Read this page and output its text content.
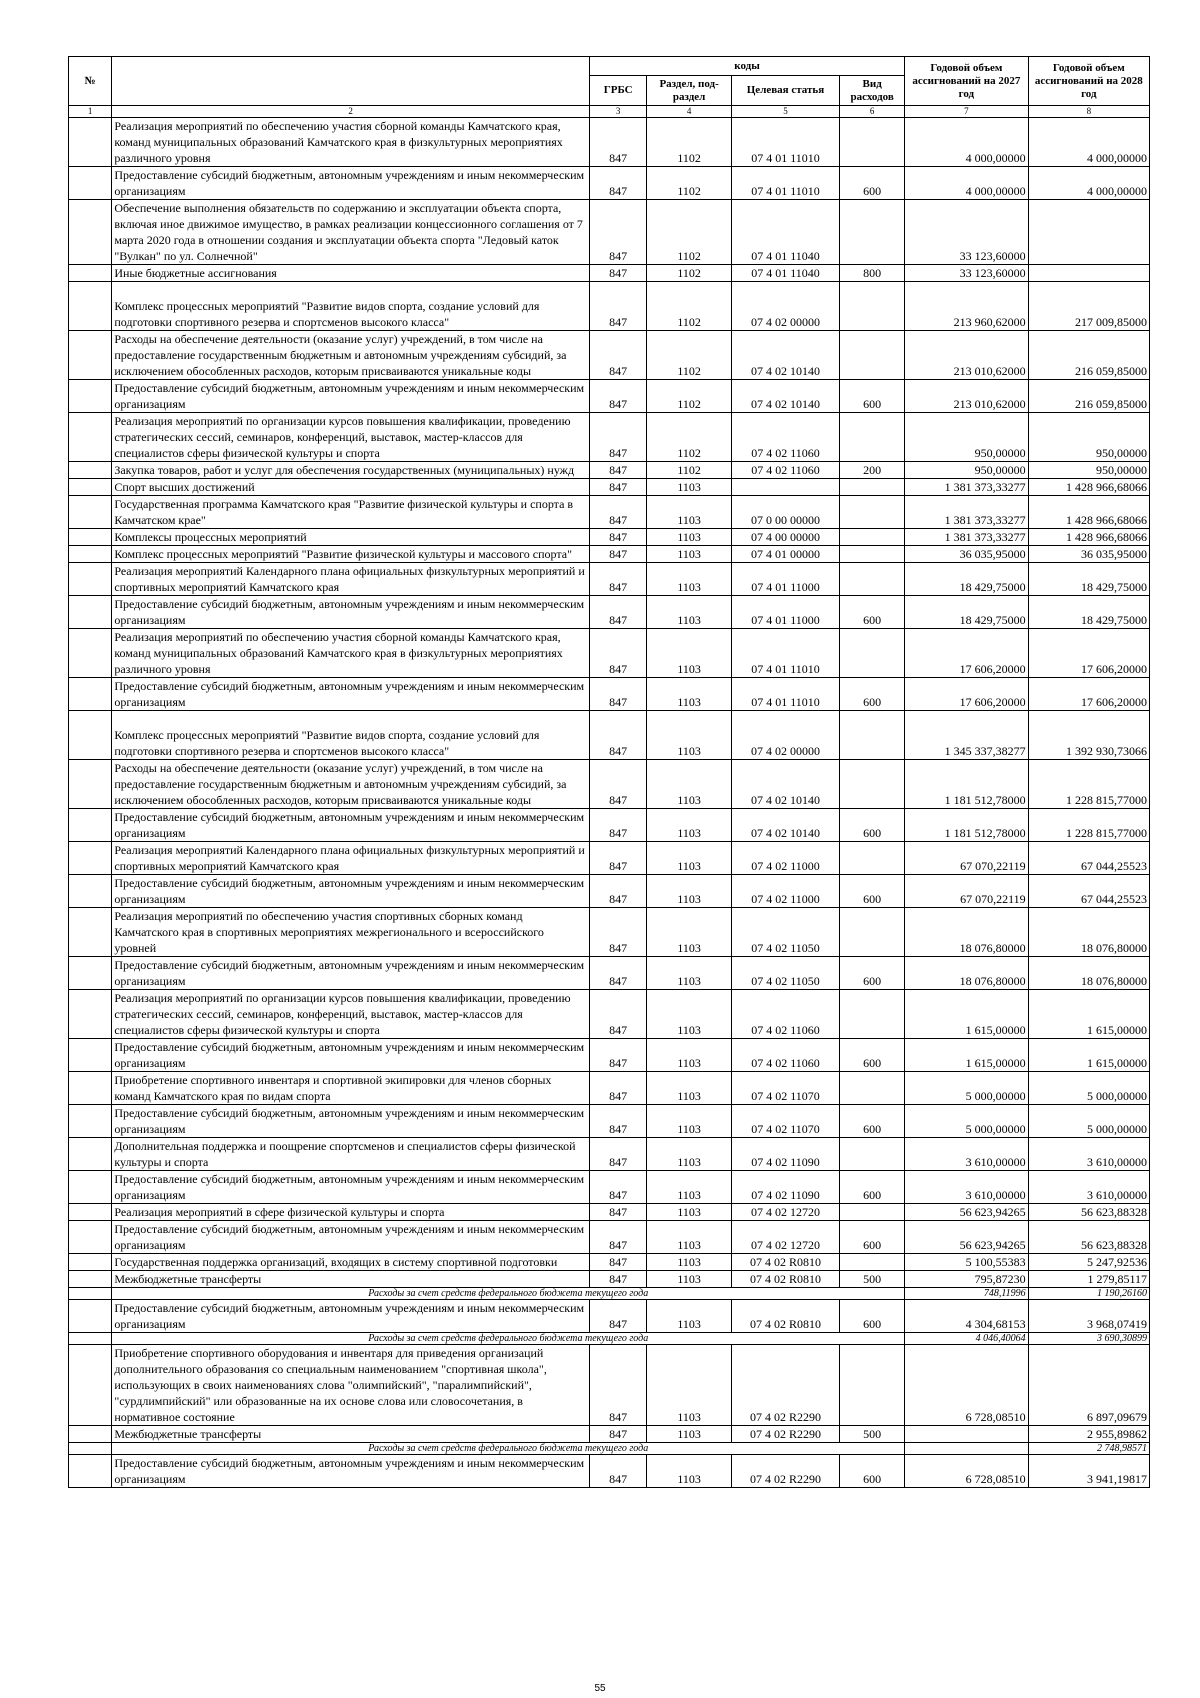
№		коды				Годовой объем ассигнований на 2027 год	Годовой объем ассигнований на 2028 год
		ГРБС	Раздел, под-раздел	Целевая статья	Вид расходов		
1	2	3	4	5	6	7	8
	Реализация мероприятий по обеспечению участия сборной команды Камчатского края, команд муниципальных образований Камчатского края в физкультурных мероприятиях различного уровня	847	1102	07 4 01 11010		4 000,00000	4 000,00000
	Предоставление субсидий бюджетным, автономным учреждениям и иным некоммерческим организациям	847	1102	07 4 01 11010	600	4 000,00000	4 000,00000
	Обеспечение выполнения обязательств по содержанию и эксплуатации объекта спорта, включая иное движимое имущество, в рамках реализации концессионного соглашения от 7 марта 2020 года в отношении создания и эксплуатации объекта спорта "Ледовый каток "Вулкан" по ул. Солнечной"	847	1102	07 4 01 11040		33 123,60000	
	Иные бюджетные ассигнования	847	1102	07 4 01 11040	800	33 123,60000	
	Комплекс процессных мероприятий "Развитие видов спорта, создание условий для подготовки спортивного резерва и спортсменов высокого класса"	847	1102	07 4 02 00000		213 960,62000	217 009,85000
	Расходы на обеспечение деятельности (оказание услуг) учреждений, в том числе на предоставление государственным бюджетным и автономным учреждениям субсидий, за исключением обособленных расходов, которым присваиваются уникальные коды	847	1102	07 4 02 10140		213 010,62000	216 059,85000
	Предоставление субсидий бюджетным, автономным учреждениям и иным некоммерческим организациям	847	1102	07 4 02 10140	600	213 010,62000	216 059,85000
	Реализация мероприятий по организации курсов повышения квалификации, проведению стратегических сессий, семинаров, конференций, выставок, мастер-классов для специалистов сферы физической культуры и спорта	847	1102	07 4 02 11060		950,00000	950,00000
	Закупка товаров, работ и услуг для обеспечения государственных (муниципальных) нужд	847	1102	07 4 02 11060	200	950,00000	950,00000
	Спорт высших достижений	847	1103			1 381 373,33277	1 428 966,68066
	Государственная программа Камчатского края "Развитие физической культуры и спорта в Камчатском крае"	847	1103	07 0 00 00000		1 381 373,33277	1 428 966,68066
	Комплексы процессных мероприятий	847	1103	07 4 00 00000		1 381 373,33277	1 428 966,68066
	Комплекс процессных мероприятий "Развитие физической культуры и массового спорта"	847	1103	07 4 01 00000		36 035,95000	36 035,95000
	Реализация мероприятий Календарного плана официальных физкультурных мероприятий и спортивных мероприятий Камчатского края	847	1103	07 4 01 11000		18 429,75000	18 429,75000
	Предоставление субсидий бюджетным, автономным учреждениям и иным некоммерческим организациям	847	1103	07 4 01 11000	600	18 429,75000	18 429,75000
	Реализация мероприятий по обеспечению участия сборной команды Камчатского края, команд муниципальных образований Камчатского края в физкультурных мероприятиях различного уровня	847	1103	07 4 01 11010		17 606,20000	17 606,20000
	Предоставление субсидий бюджетным, автономным учреждениям и иным некоммерческим организациям	847	1103	07 4 01 11010	600	17 606,20000	17 606,20000
	Комплекс процессных мероприятий "Развитие видов спорта, создание условий для подготовки спортивного резерва и спортсменов высокого класса"	847	1103	07 4 02 00000		1 345 337,38277	1 392 930,73066
	Расходы на обеспечение деятельности (оказание услуг) учреждений, в том числе на предоставление государственным бюджетным и автономным учреждениям субсидий, за исключением обособленных расходов, которым присваиваются уникальные коды	847	1103	07 4 02 10140		1 181 512,78000	1 228 815,77000
	Предоставление субсидий бюджетным, автономным учреждениям и иным некоммерческим организациям	847	1103	07 4 02 10140	600	1 181 512,78000	1 228 815,77000
	Реализация мероприятий Календарного плана официальных физкультурных мероприятий и спортивных мероприятий Камчатского края	847	1103	07 4 02 11000		67 070,22119	67 044,25523
	Предоставление субсидий бюджетным, автономным учреждениям и иным некоммерческим организациям	847	1103	07 4 02 11000	600	67 070,22119	67 044,25523
	Реализация мероприятий по обеспечению участия спортивных сборных команд Камчатского края в спортивных мероприятиях межрегионального и всероссийского уровней	847	1103	07 4 02 11050		18 076,80000	18 076,80000
	Предоставление субсидий бюджетным, автономным учреждениям и иным некоммерческим организациям	847	1103	07 4 02 11050	600	18 076,80000	18 076,80000
	Реализация мероприятий по организации курсов повышения квалификации, проведению стратегических сессий, семинаров, конференций, выставок, мастер-классов для специалистов сферы физической культуры и спорта	847	1103	07 4 02 11060		1 615,00000	1 615,00000
	Предоставление субсидий бюджетным, автономным учреждениям и иным некоммерческим организациям	847	1103	07 4 02 11060	600	1 615,00000	1 615,00000
	Приобретение спортивного инвентаря и спортивной экипировки для членов сборных команд Камчатского края по видам спорта	847	1103	07 4 02 11070		5 000,00000	5 000,00000
	Предоставление субсидий бюджетным, автономным учреждениям и иным некоммерческим организациям	847	1103	07 4 02 11070	600	5 000,00000	5 000,00000
	Дополнительная поддержка и поощрение спортсменов и специалистов сферы физической культуры и спорта	847	1103	07 4 02 11090		3 610,00000	3 610,00000
	Предоставление субсидий бюджетным, автономным учреждениям и иным некоммерческим организациям	847	1103	07 4 02 11090	600	3 610,00000	3 610,00000
	Реализация мероприятий в сфере физической культуры и спорта	847	1103	07 4 02 12720		56 623,94265	56 623,88328
	Предоставление субсидий бюджетным, автономным учреждениям и иным некоммерческим организациям	847	1103	07 4 02 12720	600	56 623,94265	56 623,88328
	Государственная поддержка организаций, входящих в систему спортивной подготовки	847	1103	07 4 02 R0810		5 100,55383	5 247,92536
	Межбюджетные трансферты	847	1103	07 4 02 R0810	500	795,87230	1 279,85117
	Расходы за счет средств федерального бюджета текущего года					748,11996	1 190,26160
	Предоставление субсидий бюджетным, автономным учреждениям и иным некоммерческим организациям	847	1103	07 4 02 R0810	600	4 304,68153	3 968,07419
	Расходы за счет средств федерального бюджета текущего года					4 046,40064	3 690,30899
	Приобретение спортивного оборудования и инвентаря для приведения организаций дополнительного образования со специальным наименованием "спортивная школа", использующих в своих наименованиях слова "олимпийский", "паралимпийский", "сурдлимпийский" или образованные на их основе слова или словосочетания, в нормативное состояние	847	1103	07 4 02 R2290		6 728,08510	6 897,09679
	Межбюджетные трансферты	847	1103	07 4 02 R2290	500		2 955,89862
	Расходы за счет средств федерального бюджета текущего года						2 748,98571
	Предоставление субсидий бюджетным, автономным учреждениям и иным некоммерческим организациям	847	1103	07 4 02 R2290	600	6 728,08510	3 941,19817
55
